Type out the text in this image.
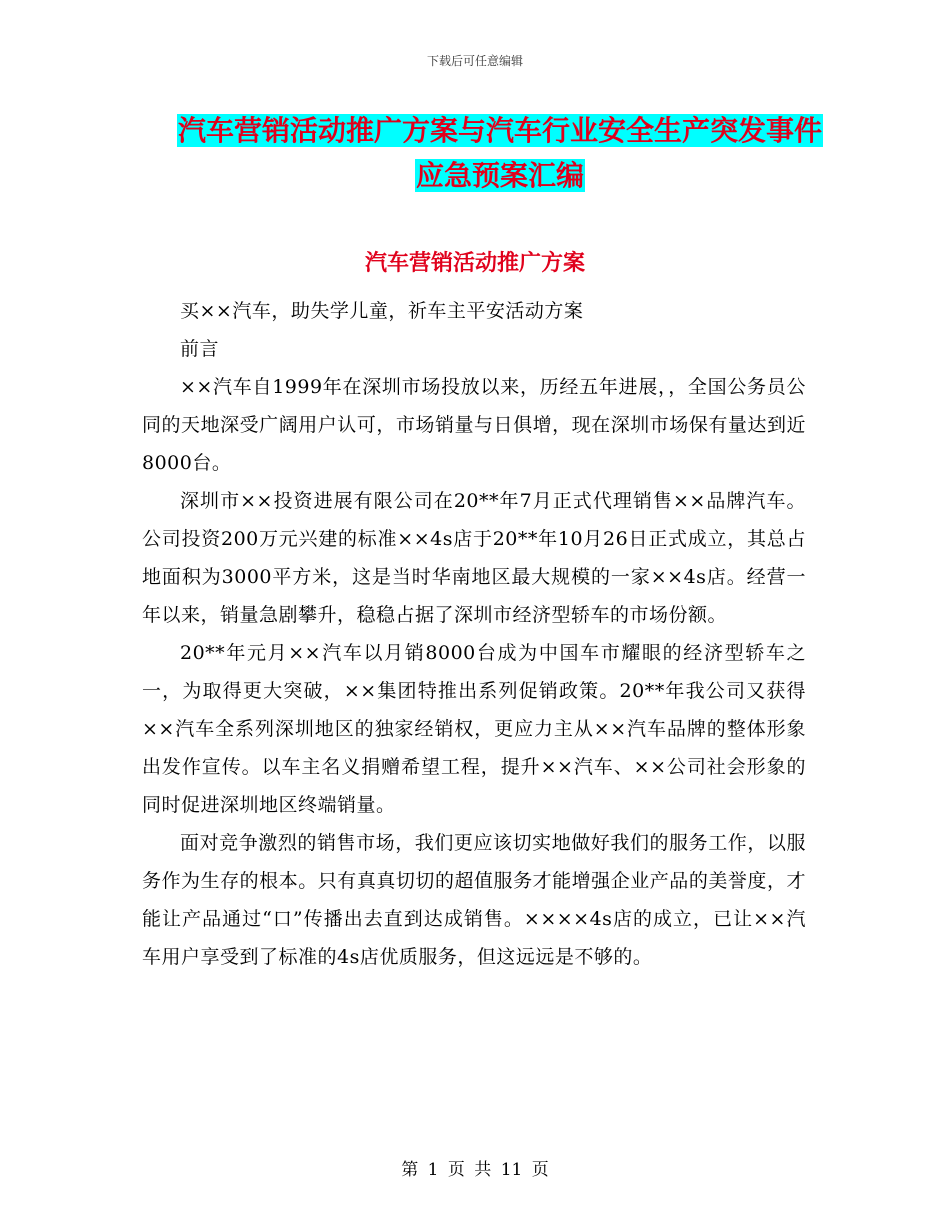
下载后可任意编辑
汽车营销活动推广方案与汽车行业安全生产突发事件
应急预案汇编
汽车营销活动推广方案

买××汽车，助失学儿童，祈车主平安活动方案

前言

××汽车自1999年在深圳市场投放以来，历经五年进展，，全国公务员公同的天地深受广阔用户认可，市场销量与日俱增，现在深圳市场保有量达到近8000台。

深圳市××投资进展有限公司在20**年7月正式代理销售××品牌汽车。公司投资200万元兴建的标准××4s店于20**年10月26日正式成立，其总占地面积为3000平方米，这是当时华南地区最大规模的一家××4s店。经营一年以来，销量急剧攀升，稳稳占据了深圳市经济型轿车的市场份额。

20**年元月××汽车以月销8000台成为中国车市耀眼的经济型轿车之一，为取得更大突破，××集团特推出系列促销政策。20**年我公司又获得××汽车全系列深圳地区的独家经销权，更应力主从××汽车品牌的整体形象出发作宣传。以车主名义捐赠希望工程，提升××汽车、××公司社会形象的同时促进深圳地区终端销量。

面对竞争激烈的销售市场，我们更应该切实地做好我们的服务工作，以服务作为生存的根本。只有真真切切的超值服务才能增强企业产品的美誉度，才能让产品通过“口”传播出去直到达成销售。××××4s店的成立，已让××汽车用户享受到了标准的4s店优质服务，但这远远是不够的。

第 1 页 共 11 页
